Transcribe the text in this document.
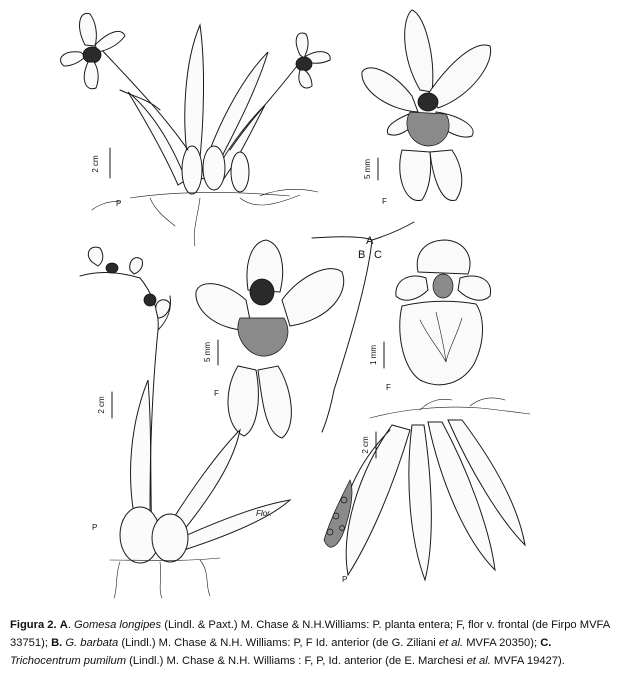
2 cm
P
5 mm
F
A
B C
5 mm
F
2 cm
P
Flor.
1 mm
F
2 cm
P

Figura 2. A. Gomesa longipes (Lindl. & Paxt.) M. Chase & N.H.Williams: P. planta entera; F, flor v. frontal (de Firpo MVFA 33751); B. G. barbata (Lindl.) M. Chase & N.H. Williams: P, F Id. anterior (de G. Ziliani et al. MVFA 20350); C. Trichocentrum pumilum (Lindl.) M. Chase & N.H. Williams : F, P, Id. anterior (de E. Marchesi et al. MVFA 19427).
